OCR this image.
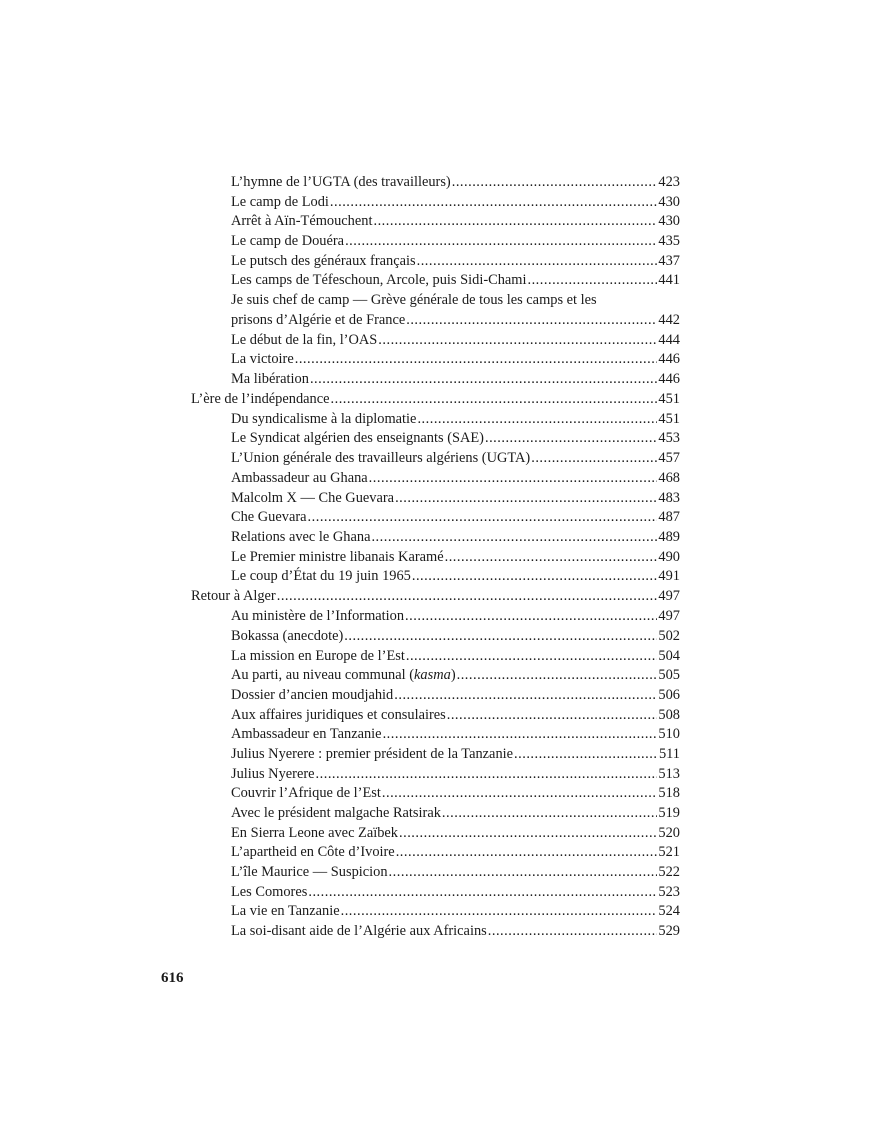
L’hymne de l’UGTA (des travailleurs) .....	423
Le camp de Lodi .....	430
Arrêt à Aïn-Témouchent .....	430
Le camp de Douéra .....	435
Le putsch des généraux français .....	437
Les camps de Téfeschoun, Arcole, puis Sidi-Chami .....	441
Je suis chef de camp — Grève générale de tous les camps et les
prisons d’Algérie et de France .....	442
Le début de la fin, l’OAS .....	444
La victoire .....	446
Ma libération .....	446
L’ère de l’indépendance .....	451
Du syndicalisme à la diplomatie .....	451
Le Syndicat algérien des enseignants (SAE) .....	453
L’Union générale des travailleurs algériens (UGTA) .....	457
Ambassadeur au Ghana .....	468
Malcolm X — Che Guevara .....	483
Che Guevara .....	487
Relations avec le Ghana .....	489
Le Premier ministre libanais Karamé .....	490
Le coup d’État du 19 juin 1965 .....	491
Retour à Alger .....	497
Au ministère de l’Information .....	497
Bokassa (anecdote) .....	502
La mission en Europe de l’Est .....	504
Au parti, au niveau communal (kasma) .....	505
Dossier d’ancien moudjahid .....	506
Aux affaires juridiques et consulaires .....	508
Ambassadeur en Tanzanie .....	510
Julius Nyerere : premier président de la Tanzanie .....	511
Julius Nyerere .....	513
Couvrir l’Afrique de l’Est .....	518
Avec le président malgache Ratsirak .....	519
En Sierra Leone avec Zaïbek .....	520
L’apartheid en Côte d’Ivoire .....	521
L’île Maurice — Suspicion .....	522
Les Comores .....	523
La vie en Tanzanie .....	524
La soi-disant aide de l’Algérie aux Africains .....	529
616
